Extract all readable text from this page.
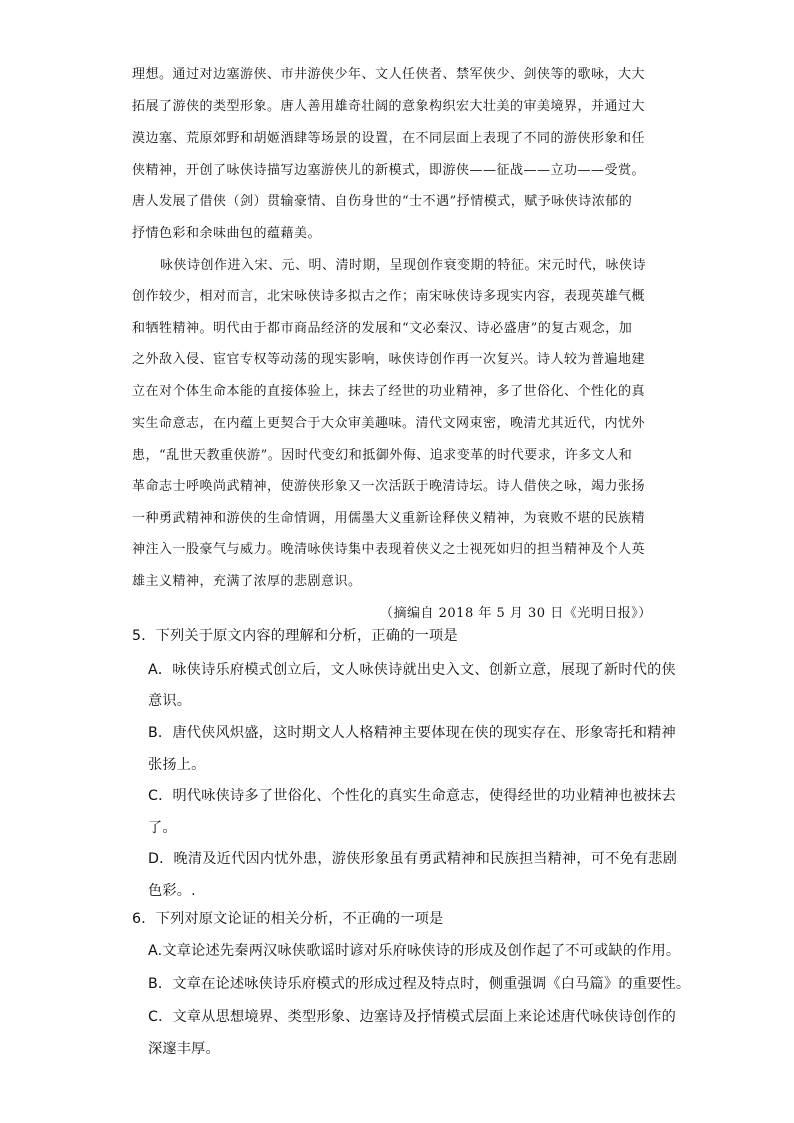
理想。通过对边塞游侠、市井游侠少年、文人任侠者、禁军侠少、剑侠等的歌咏，大大
拓展了游侠的类型形象。唐人善用雄奇壮阔的意象构织宏大壮美的审美境界，并通过大
漠边塞、荒原郊野和胡姬酒肆等场景的设置，在不同层面上表现了不同的游侠形象和任
侠精神，开创了咏侠诗描写边塞游侠儿的新模式，即游侠——征战——立功——受赏。
唐人发展了借侠（剑）贯输豪情、自伤身世的“士不遇”抒情模式，赋予咏侠诗浓郁的
抒情色彩和余味曲包的蕴藉美。
咏侠诗创作进入宋、元、明、清时期，呈现创作衰变期的特征。宋元时代，咏侠诗
创作较少，相对而言，北宋咏侠诗多拟古之作；南宋咏侠诗多现实内容，表现英雄气概
和牺牲精神。明代由于都市商品经济的发展和“文必秦汉、诗必盛唐”的复古观念，加
之外敌入侵、宦官专权等动荡的现实影响，咏侠诗创作再一次复兴。诗人较为普遍地建
立在对个体生命本能的直接体验上，抹去了经世的功业精神，多了世俗化、个性化的真
实生命意志，在内蕴上更契合于大众审美趣味。清代文网束密，晚清尤其近代，内忧外
患，“乱世天教重侠游”。因时代变幻和抵御外侮、追求变革的时代要求，许多文人和
革命志士呼唤尚武精神，使游侠形象又一次活跃于晚清诗坛。诗人借侠之咏，竭力张扬
一种勇武精神和游侠的生命情调，用儒墨大义重新诠释侠义精神，为衰败不堪的民族精
神注入一股豪气与威力。晚清咏侠诗集中表现着侠义之士视死如归的担当精神及个人英
雄主义精神，充满了浓厚的悲剧意识。
（摘编自 2018 年 5 月 30 日《光明日报》）
5．下列关于原文内容的理解和分析，正确的一项是
A．咏侠诗乐府模式创立后，文人咏侠诗就出史入文、创新立意，展现了新时代的侠
意识。
B．唐代侠风炽盛，这时期文人人格精神主要体现在侠的现实存在、形象寄托和精神
张扬上。
C．明代咏侠诗多了世俗化、个性化的真实生命意志，使得经世的功业精神也被抹去
了。
D．晚清及近代因内忧外患，游侠形象虽有勇武精神和民族担当精神，可不免有悲剧
色彩。.
6．下列对原文论证的相关分析，不正确的一项是
A.文章论述先秦两汉咏侠歌谣时谚对乐府咏侠诗的形成及创作起了不可或缺的作用。
B．文章在论述咏侠诗乐府模式的形成过程及特点时，侧重强调《白马篇》的重要性。
C．文章从思想境界、类型形象、边塞诗及抒情模式层面上来论述唐代咏侠诗创作的
深邃丰厚。
